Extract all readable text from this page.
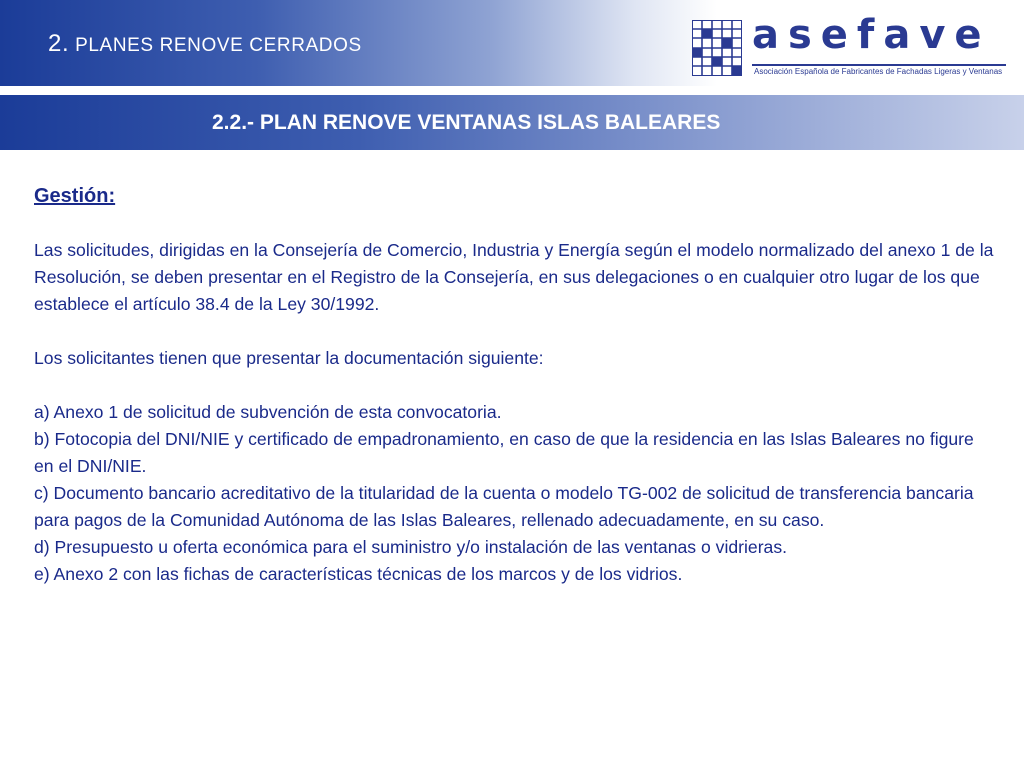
2. PLANES RENOVE CERRADOS	asefave
Asociación Española de Fabricantes de Fachadas Ligeras y Ventanas
2.2.- PLAN RENOVE VENTANAS ISLAS BALEARES
Gestión:

Las solicitudes, dirigidas en la Consejería de Comercio, Industria y Energía según el modelo normalizado del anexo 1 de la Resolución, se deben presentar en el Registro de la Consejería, en sus delegaciones o en cualquier otro lugar de los que establece el artículo 38.4 de la Ley 30/1992.

Los solicitantes tienen que presentar la documentación siguiente:

a) Anexo 1 de solicitud de subvención de esta convocatoria.
b) Fotocopia del DNI/NIE y certificado de empadronamiento, en caso de que la residencia en las Islas Baleares no figure en el DNI/NIE.
c) Documento bancario acreditativo de la titularidad de la cuenta o modelo TG-002 de solicitud de transferencia bancaria para pagos de la Comunidad Autónoma de las Islas Baleares, rellenado adecuadamente, en su caso.
d) Presupuesto u oferta económica para el suministro y/o instalación de las ventanas o vidrieras.
e) Anexo 2 con las fichas de características técnicas de los marcos y de los vidrios.
